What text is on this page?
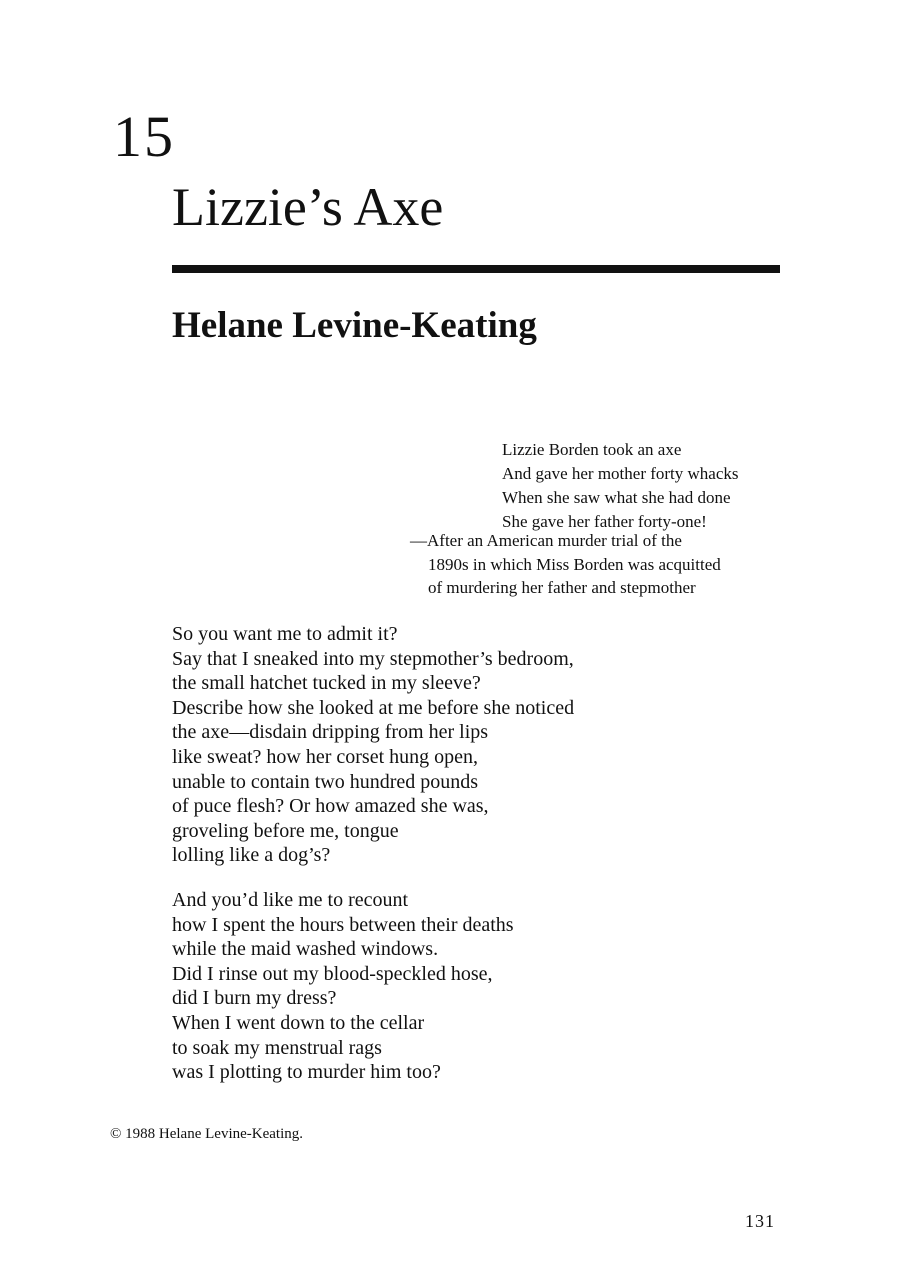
15
Lizzie’s Axe
Helane Levine-Keating
Lizzie Borden took an axe
And gave her mother forty whacks
When she saw what she had done
She gave her father forty-one!
—After an American murder trial of the
1890s in which Miss Borden was acquitted
of murdering her father and stepmother
So you want me to admit it?
Say that I sneaked into my stepmother’s bedroom,
the small hatchet tucked in my sleeve?
Describe how she looked at me before she noticed
the axe—disdain dripping from her lips
like sweat? how her corset hung open,
unable to contain two hundred pounds
of puce flesh? Or how amazed she was,
groveling before me, tongue
lolling like a dog’s?
And you’d like me to recount
how I spent the hours between their deaths
while the maid washed windows.
Did I rinse out my blood-speckled hose,
did I burn my dress?
When I went down to the cellar
to soak my menstrual rags
was I plotting to murder him too?
© 1988 Helane Levine-Keating.
131
